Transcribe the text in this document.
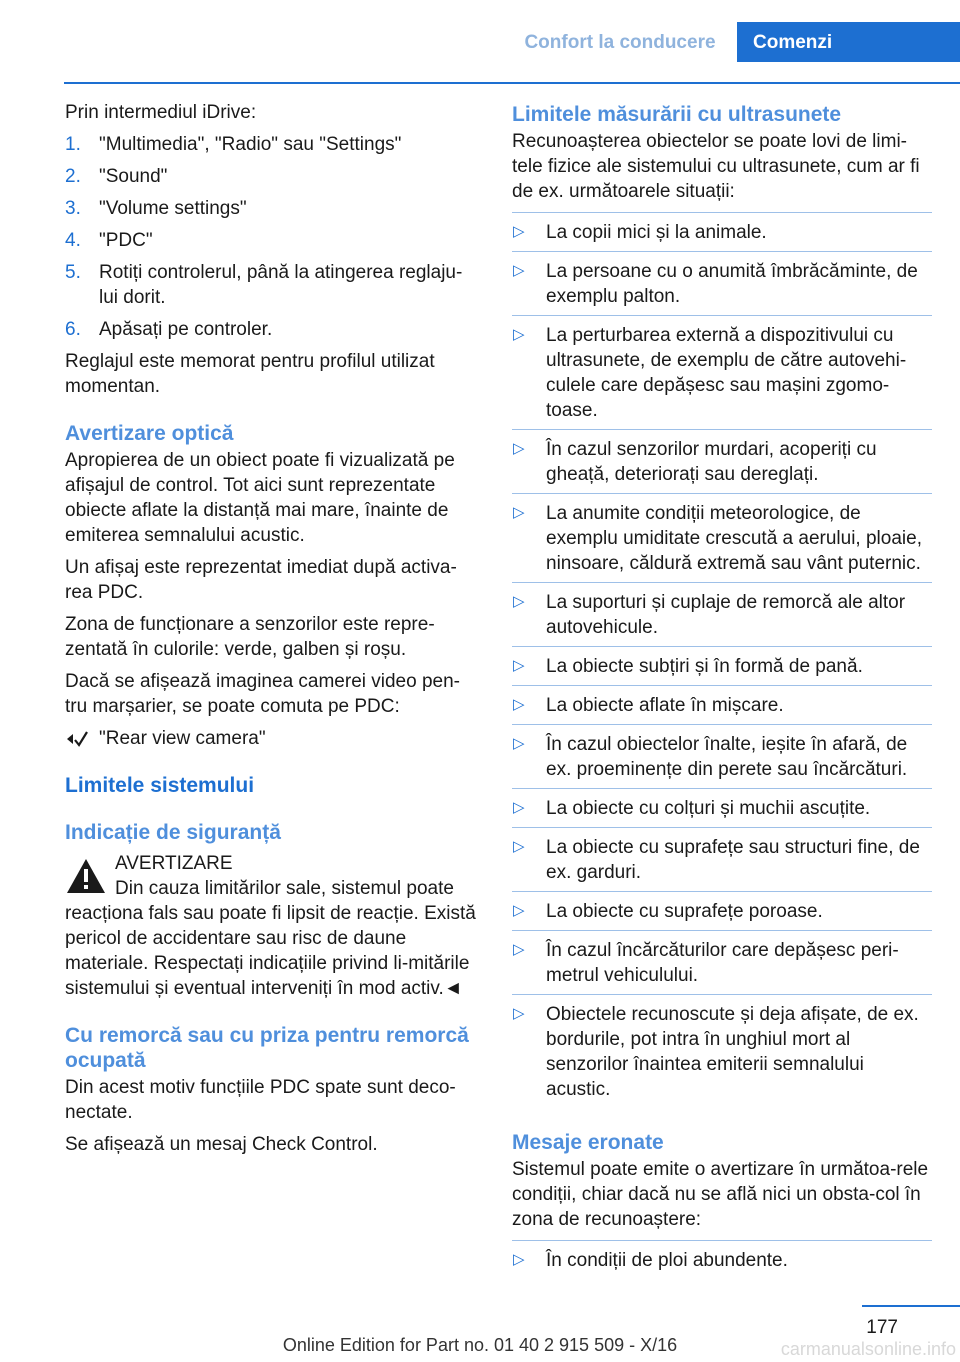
Confort la conducere	Comenzi

Prin intermediul iDrive:

1. "Multimedia", "Radio" sau "Settings"
2. "Sound"
3. "Volume settings"
4. "PDC"
5. Rotiți controlerul, până la atingerea reglaju-lui dorit.
6. Apăsați pe controler.

Reglajul este memorat pentru profilul utilizat momentan.

Avertizare optică

Apropierea de un obiect poate fi vizualizată pe afișajul de control. Tot aici sunt reprezentate obiecte aflate la distanță mai mare, înainte de emiterea semnalului acustic.

Un afișaj este reprezentat imediat după activa-rea PDC.

Zona de funcționare a senzorilor este repre-zentată în culorile: verde, galben și roșu.

Dacă se afișează imaginea camerei video pen-tru marșarier, se poate comuta pe PDC:

"Rear view camera"
Limitele sistemului
Indicație de siguranță
AVERTIZARE
Din cauza limitărilor sale, sistemul poate
reacționa fals sau poate fi lipsit de reacție. Există pericol de accidentare sau risc de daune materiale. Respectați indicațiile privind li-mitările sistemului și eventual interveniți în mod activ.◄
Cu remorcă sau cu priza pentru remorcă ocupată

Din acest motiv funcțiile PDC spate sunt deco-nectate.

Se afișează un mesaj Check Control.

Limitele măsurării cu ultrasunete

Recunoașterea obiectelor se poate lovi de limi-tele fizice ale sistemului cu ultrasunete, cum ar fi de ex. următoarele situații:

▷ La copii mici și la animale.
▷ La persoane cu o anumită îmbrăcăminte, de exemplu palton.
▷ La perturbarea externă a dispozitivului cu ultrasunete, de exemplu de către autovehi-culele care depășesc sau mașini zgomo-toase.
▷ În cazul senzorilor murdari, acoperiți cu gheață, deteriorați sau dereglați.
▷ La anumite condiții meteorologice, de exemplu umiditate crescută a aerului, ploaie, ninsoare, căldură extremă sau vânt puternic.
▷ La suporturi și cuplaje de remorcă ale altor autovehicule.
▷ La obiecte subțiri și în formă de pană.
▷ La obiecte aflate în mișcare.
▷ În cazul obiectelor înalte, ieșite în afară, de ex. proeminențe din perete sau încărcături.
▷ La obiecte cu colțuri și muchii ascuțite.
▷ La obiecte cu suprafețe sau structuri fine, de ex. garduri.
▷ La obiecte cu suprafețe poroase.
▷ În cazul încărcăturilor care depășesc peri-metrul vehiculului.
▷ Obiectele recunoscute și deja afișate, de ex. bordurile, pot intra în unghiul mort al senzorilor înaintea emiterii semnalului acustic.
Mesaje eronate

Sistemul poate emite o avertizare în următoa-rele condiții, chiar dacă nu se află nici un obsta-col în zona de recunoaștere:

▷ În condiții de ploi abundente.
177
Online Edition for Part no. 01 40 2 915 509 - X/16	carmanualsonline.info
